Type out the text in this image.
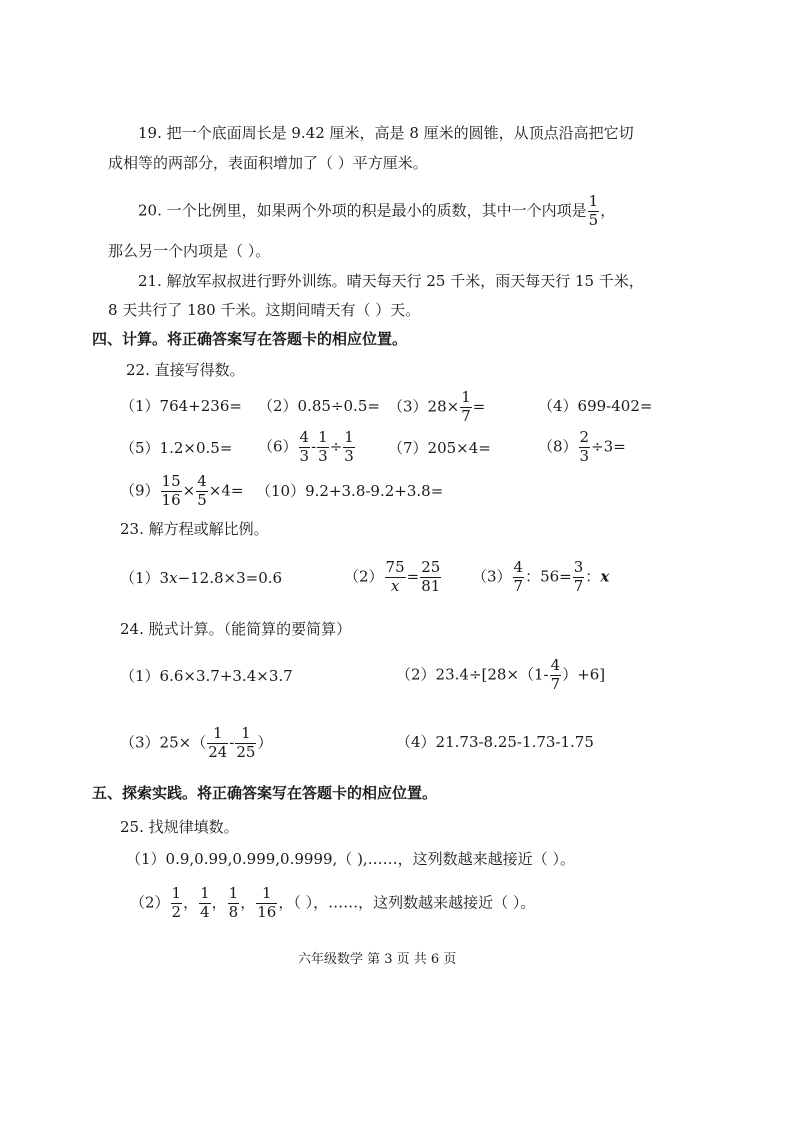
19. 把一个底面周长是 9.42 厘米，高是 8 厘米的圆锥，从顶点沿高把它切
成相等的两部分，表面积增加了（ ）平方厘米。
20. 一个比例里，如果两个外项的积是最小的质数，其中一个内项是 $\frac{1}{5}$ ，
那么另一个内项是（ ）。
21. 解放军叔叔进行野外训练。晴天每天行 25 千米，雨天每天行 15 千米，
8 天共行了 180 千米。这期间晴天有（ ）天。
四、计算。将正确答案写在答题卡的相应位置。
22. 直接写得数。
$(1)764+236= (2)0.85\div 0.5= (3)28\times \frac{1}{7}$ =	（4）699-402=
$(5)1.2\times 0.5= (6) \frac{4}{3} - \frac{1}{3} \div \frac{1}{3} (7)205\times 4=$	$(8) \frac{2}{3} \div 3=$
$(9) \frac{15}{16} \times \frac{4}{5} \times 4= (10)9.2+3.8-9.2+3.8=$
23. 解方程或解比例。
（1）3x−12.8×3=0.6	$(2) \frac{75}{x} = \frac{25}{81} (3) \frac{4}{7}$ ：$56= \frac{3}{7}$ ：x
24. 脱式计算。（能简算的要简算）
（1）6.6×3.7+3.4×3.7	$(2)23.4\div[28\times(1- \frac{4}{7} )+6]$
$(3)25\times( \frac{1}{24} - \frac{1}{25}$ ）	（4）21.73-8.25-1.73-1.75
五、探索实践。将正确答案写在答题卡的相应位置。
25. 找规律填数。
（1）0.9,0.99,0.999,0.9999,（ ),……，这列数越来越接近（ ）。
$(2) \frac{1}{2}$ ， $\frac{1}{4}$ ， $\frac{1}{8}$ ， $\frac{1}{16}$ ，（ ），……，这列数越来越接近（ ）。
六年级数学 第 3 页 共 6 页
